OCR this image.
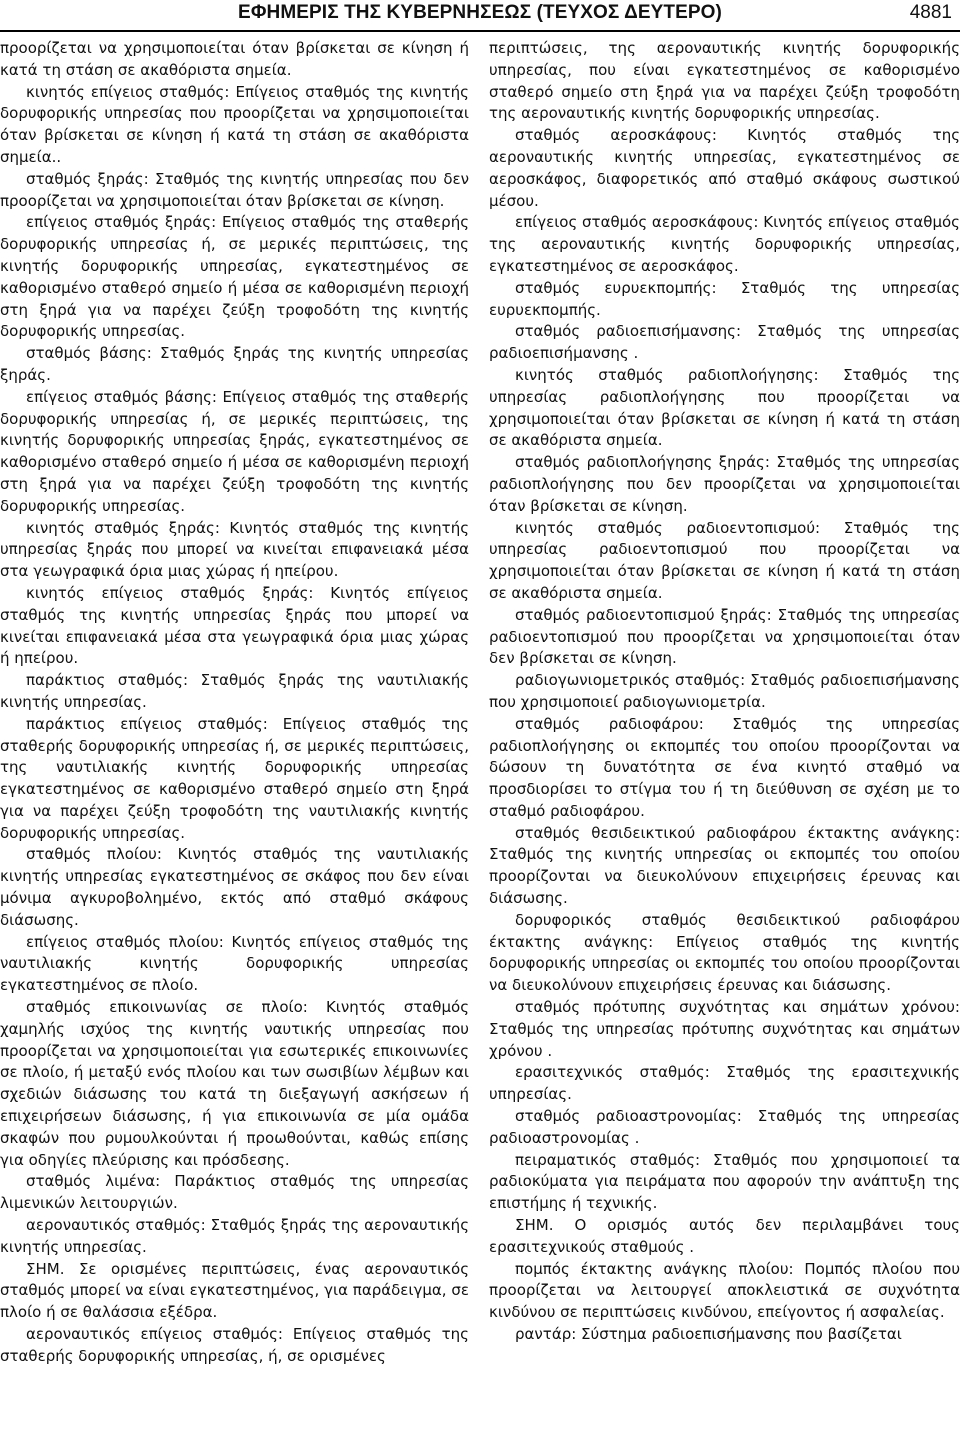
ΕΦΗΜΕΡΙΣ ΤΗΣ ΚΥΒΕΡΝΗΣΕΩΣ (ΤΕΥΧΟΣ ΔΕΥΤΕΡΟ)	4881

προορίζεται να χρησιμοποιείται όταν βρίσκεται σε κίνηση ή κατά τη στάση σε ακαθόριστα σημεία.

κινητός επίγειος σταθμός: Επίγειος σταθμός της κινητής δορυφορικής υπηρεσίας που προορίζεται να χρησιμοποιείται όταν βρίσκεται σε κίνηση ή κατά τη στάση σε ακαθόριστα σημεία..

σταθμός ξηράς: Σταθμός της κινητής υπηρεσίας που δεν προορίζεται να χρησιμοποιείται όταν βρίσκεται σε κίνηση.

επίγειος σταθμός ξηράς: Επίγειος σταθμός της σταθερής δορυφορικής υπηρεσίας ή, σε μερικές περιπτώσεις, της κινητής δορυφορικής υπηρεσίας, εγκατεστημένος σε καθορισμένο σταθερό σημείο ή μέσα σε καθορισμένη περιοχή στη ξηρά για να παρέχει ζεύξη τροφοδότη της κινητής δορυφορικής υπηρεσίας.

σταθμός βάσης: Σταθμός ξηράς της κινητής υπηρεσίας ξηράς.

επίγειος σταθμός βάσης: Επίγειος σταθμός της σταθερής δορυφορικής υπηρεσίας ή, σε μερικές περιπτώσεις, της κινητής δορυφορικής υπηρεσίας ξηράς, εγκατεστημένος σε καθορισμένο σταθερό σημείο ή μέσα σε καθορισμένη περιοχή στη ξηρά για να παρέχει ζεύξη τροφοδότη της κινητής δορυφορικής υπηρεσίας.

κινητός σταθμός ξηράς: Κινητός σταθμός της κινητής υπηρεσίας ξηράς που μπορεί να κινείται επιφανειακά μέσα στα γεωγραφικά όρια μιας χώρας ή ηπείρου.

κινητός επίγειος σταθμός ξηράς: Κινητός επίγειος σταθμός της κινητής υπηρεσίας ξηράς που μπορεί να κινείται επιφανειακά μέσα στα γεωγραφικά όρια μιας χώρας ή ηπείρου.

παράκτιος σταθμός: Σταθμός ξηράς της ναυτιλιακής κινητής υπηρεσίας.

παράκτιος επίγειος σταθμός: Επίγειος σταθμός της σταθερής δορυφορικής υπηρεσίας ή, σε μερικές περιπτώσεις, της ναυτιλιακής κινητής δορυφορικής υπηρεσίας εγκατεστημένος σε καθορισμένο σταθερό σημείο στη ξηρά για να παρέχει ζεύξη τροφοδότη της ναυτιλιακής κινητής δορυφορικής υπηρεσίας.

σταθμός πλοίου: Κινητός σταθμός της ναυτιλιακής κινητής υπηρεσίας εγκατεστημένος σε σκάφος που δεν είναι μόνιμα αγκυροβολημένο, εκτός από σταθμό σκάφους διάσωσης.

επίγειος σταθμός πλοίου: Κινητός επίγειος σταθμός της ναυτιλιακής κινητής δορυφορικής υπηρεσίας εγκατεστημένος σε πλοίο.

σταθμός επικοινωνίας σε πλοίο: Κινητός σταθμός χαμηλής ισχύος της κινητής ναυτικής υπηρεσίας που προορίζεται να χρησιμοποιείται για εσωτερικές επικοινωνίες σε πλοίο, ή μεταξύ ενός πλοίου και των σωσιβίων λέμβων και σχεδιών διάσωσης του κατά τη διεξαγωγή ασκήσεων ή επιχειρήσεων διάσωσης, ή για επικοινωνία σε μία ομάδα σκαφών που ρυμουλκούνται ή προωθούνται, καθώς επίσης για οδηγίες πλεύρισης και πρόσδεσης.

σταθμός λιμένα: Παράκτιος σταθμός της υπηρεσίας λιμενικών λειτουργιών.

αεροναυτικός σταθμός: Σταθμός ξηράς της αεροναυτικής κινητής υπηρεσίας.

ΣΗΜ. Σε ορισμένες περιπτώσεις, ένας αεροναυτικός σταθμός μπορεί να είναι εγκατεστημένος, για παράδειγμα, σε πλοίο ή σε θαλάσσια εξέδρα.

αεροναυτικός επίγειος σταθμός: Επίγειος σταθμός της σταθερής δορυφορικής υπηρεσίας, ή, σε ορισμένες

περιπτώσεις, της αεροναυτικής κινητής δορυφορικής υπηρεσίας, που είναι εγκατεστημένος σε καθορισμένο σταθερό σημείο στη ξηρά για να παρέχει ζεύξη τροφοδότη της αεροναυτικής κινητής δορυφορικής υπηρεσίας.

σταθμός αεροσκάφους: Κινητός σταθμός της αεροναυτικής κινητής υπηρεσίας, εγκατεστημένος σε αεροσκάφος, διαφορετικός από σταθμό σκάφους σωστικού μέσου.

επίγειος σταθμός αεροσκάφους: Κινητός επίγειος σταθμός της αεροναυτικής κινητής δορυφορικής υπηρεσίας, εγκατεστημένος σε αεροσκάφος.

σταθμός ευρυεκπομπής: Σταθμός της υπηρεσίας ευρυεκπομπής.

σταθμός ραδιοεπισήμανσης: Σταθμός της υπηρεσίας ραδιοεπισήμανσης .

κινητός σταθμός ραδιοπλοήγησης: Σταθμός της υπηρεσίας ραδιοπλοήγησης που προορίζεται να χρησιμοποιείται όταν βρίσκεται σε κίνηση ή κατά τη στάση σε ακαθόριστα σημεία.

σταθμός ραδιοπλοήγησης ξηράς: Σταθμός της υπηρεσίας ραδιοπλοήγησης που δεν προορίζεται να χρησιμοποιείται όταν βρίσκεται σε κίνηση.

κινητός σταθμός ραδιοεντοπισμού: Σταθμός της υπηρεσίας ραδιοεντοπισμού που προορίζεται να χρησιμοποιείται όταν βρίσκεται σε κίνηση ή κατά τη στάση σε ακαθόριστα σημεία.

σταθμός ραδιοεντοπισμού ξηράς: Σταθμός της υπηρεσίας ραδιοεντοπισμού που προορίζεται να χρησιμοποιείται όταν δεν βρίσκεται σε κίνηση.

ραδιογωνιομετρικός σταθμός: Σταθμός ραδιοεπισήμανσης που χρησιμοποιεί ραδιογωνιομετρία.

σταθμός ραδιοφάρου: Σταθμός της υπηρεσίας ραδιοπλοήγησης οι εκπομπές του οποίου προορίζονται να δώσουν τη δυνατότητα σε ένα κινητό σταθμό να προσδιορίσει το στίγμα του ή τη διεύθυνση σε σχέση με το σταθμό ραδιοφάρου.

σταθμός θεσιδεικτικού ραδιοφάρου έκτακτης ανάγκης: Σταθμός της κινητής υπηρεσίας οι εκπομπές του οποίου προορίζονται να διευκολύνουν επιχειρήσεις έρευνας και διάσωσης.

δορυφορικός σταθμός θεσιδεικτικού ραδιοφάρου έκτακτης ανάγκης: Επίγειος σταθμός της κινητής δορυφορικής υπηρεσίας οι εκπομπές του οποίου προορίζονται να διευκολύνουν επιχειρήσεις έρευνας και διάσωσης.

σταθμός πρότυπης συχνότητας και σημάτων χρόνου: Σταθμός της υπηρεσίας πρότυπης συχνότητας και σημάτων χρόνου .

ερασιτεχνικός σταθμός: Σταθμός της ερασιτεχνικής υπηρεσίας.

σταθμός ραδιοαστρονομίας: Σταθμός της υπηρεσίας ραδιοαστρονομίας .

πειραματικός σταθμός: Σταθμός που χρησιμοποιεί τα ραδιοκύματα για πειράματα που αφορούν την ανάπτυξη της επιστήμης ή τεχνικής.

ΣΗΜ. Ο ορισμός αυτός δεν περιλαμβάνει τους ερασιτεχνικούς σταθμούς .

πομπός έκτακτης ανάγκης πλοίου: Πομπός πλοίου που προορίζεται να λειτουργεί αποκλειστικά σε συχνότητα κινδύνου σε περιπτώσεις κινδύνου, επείγοντος ή ασφαλείας.

ραντάρ: Σύστημα ραδιοεπισήμανσης που βασίζεται
